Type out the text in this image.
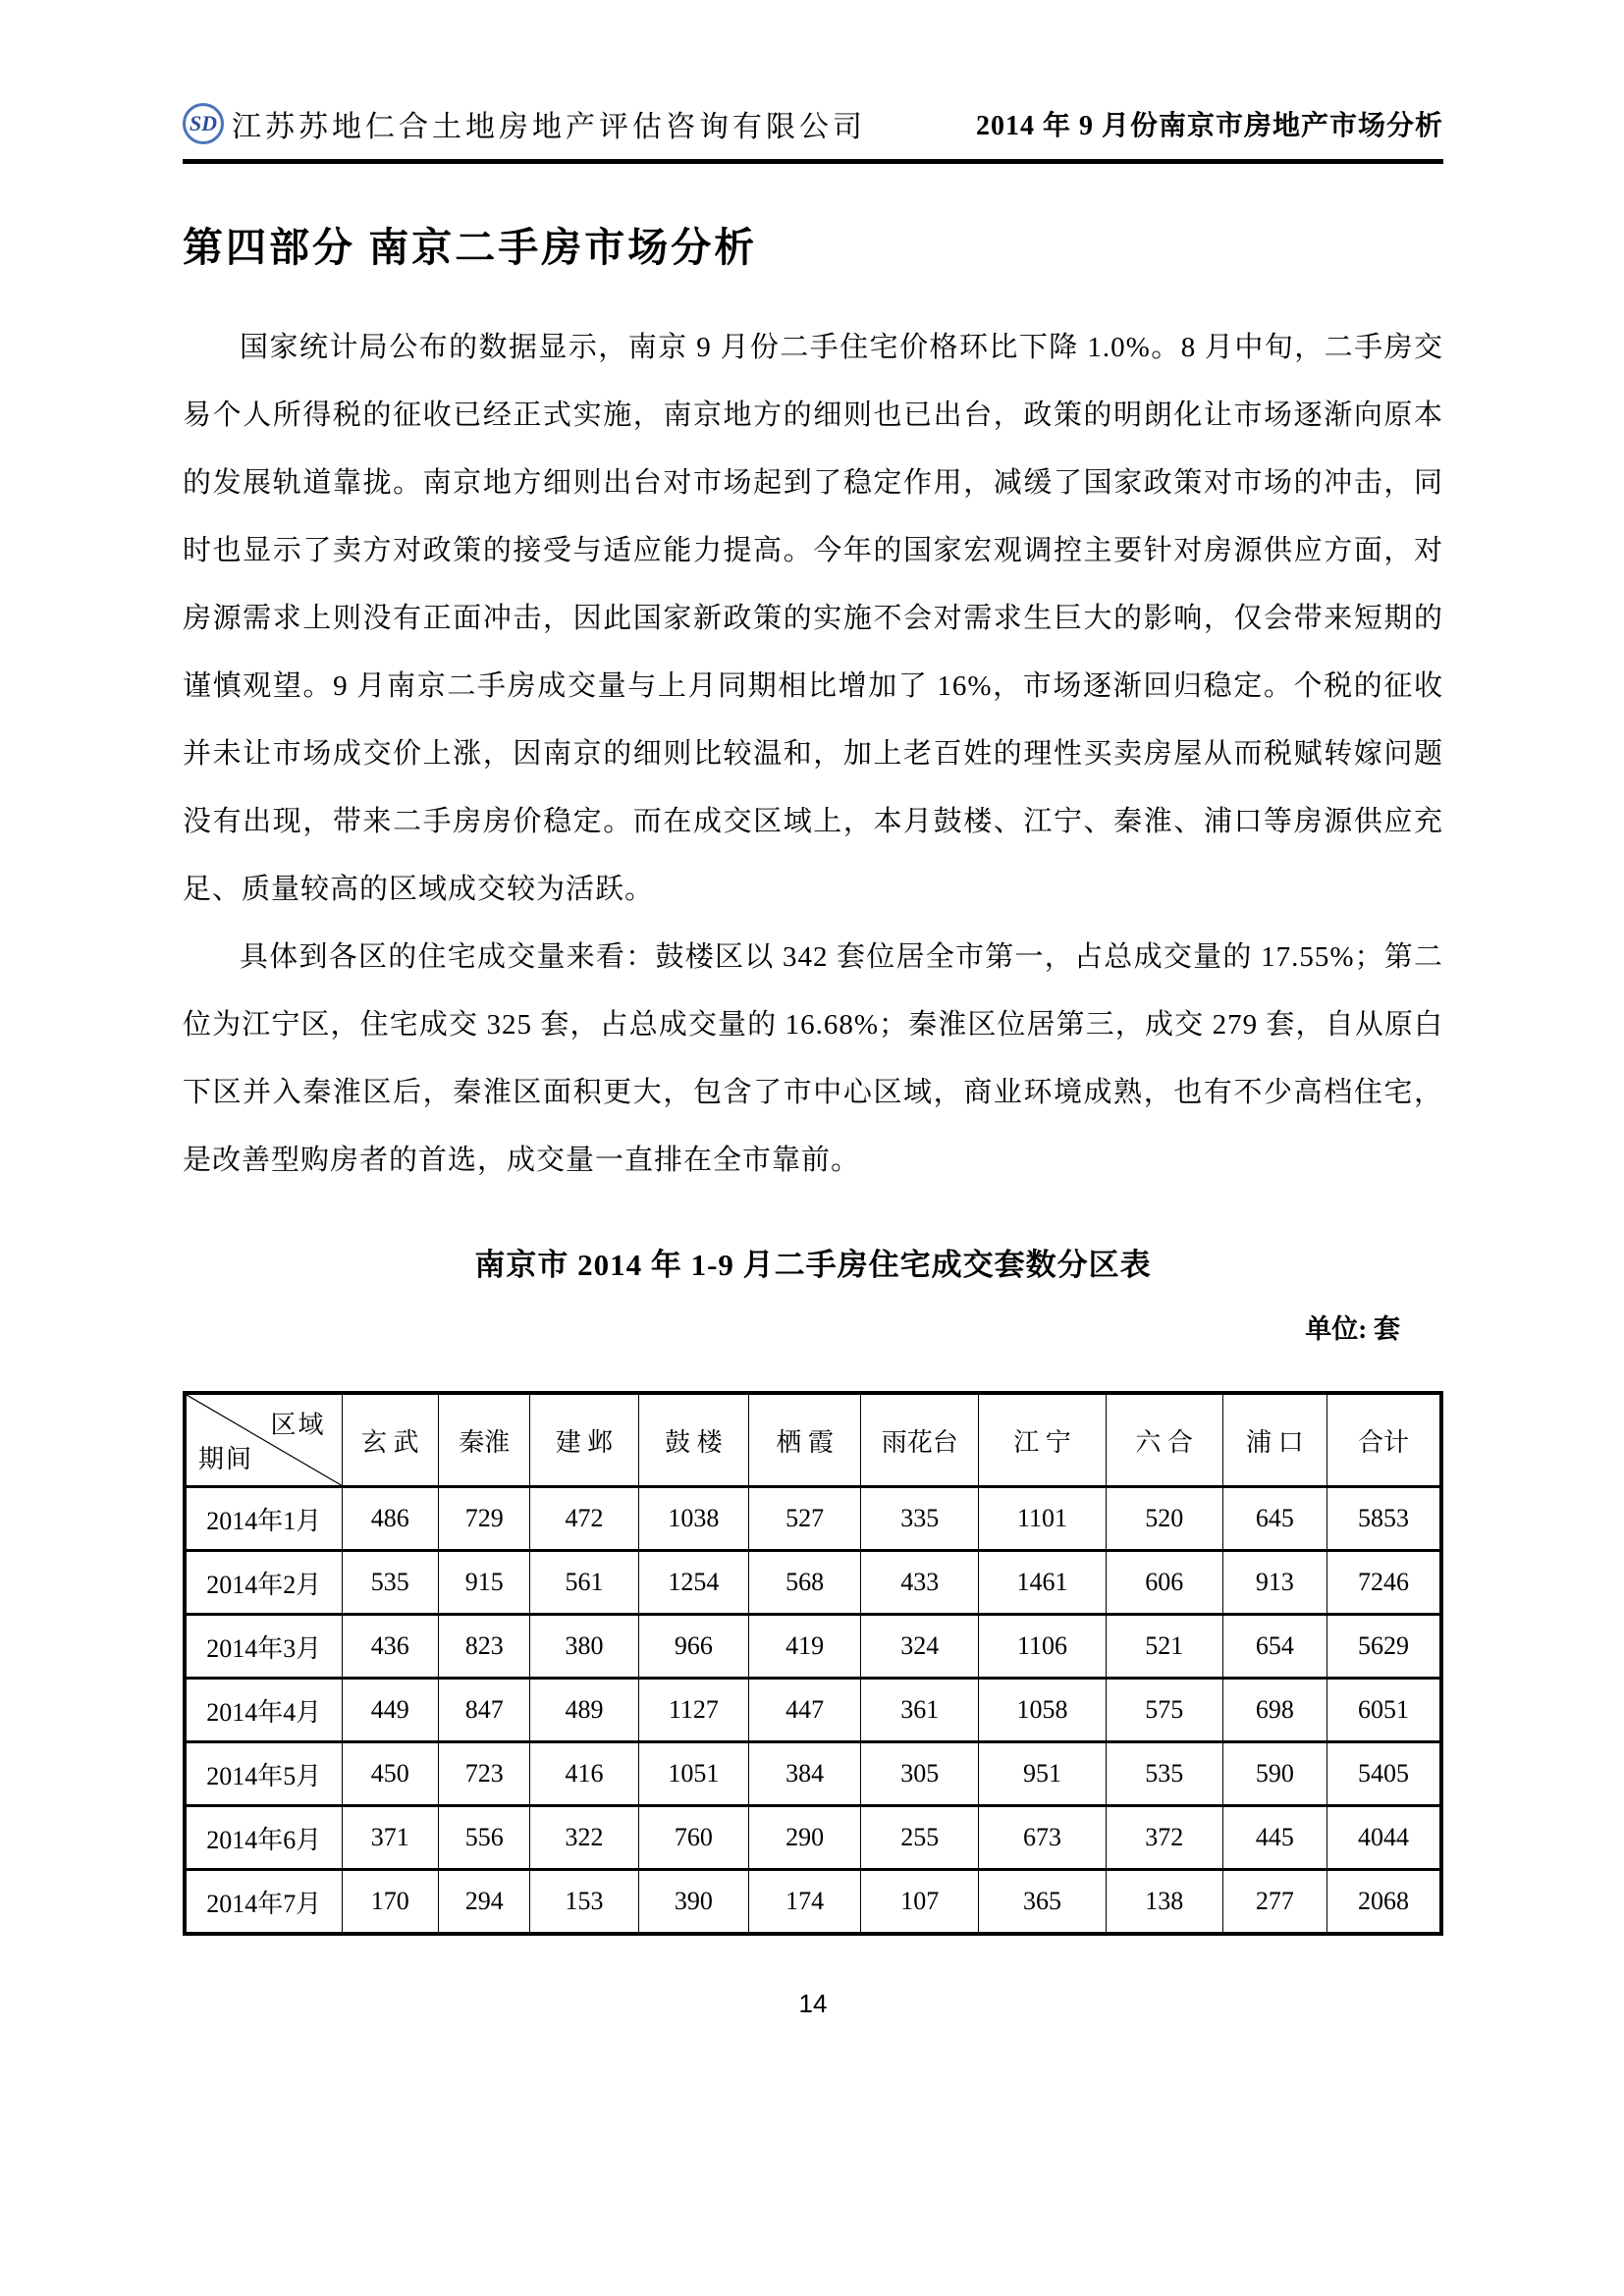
SD 江苏苏地仁合土地房地产评估咨询有限公司	2014 年 9 月份南京市房地产市场分析
第四部分 南京二手房市场分析

国家统计局公布的数据显示，南京 9 月份二手住宅价格环比下降 1.0%。8 月中旬，二手房交易个人所得税的征收已经正式实施，南京地方的细则也已出台，政策的明朗化让市场逐渐向原本的发展轨道靠拢。南京地方细则出台对市场起到了稳定作用，减缓了国家政策对市场的冲击，同时也显示了卖方对政策的接受与适应能力提高。今年的国家宏观调控主要针对房源供应方面，对房源需求上则没有正面冲击，因此国家新政策的实施不会对需求生巨大的影响，仅会带来短期的谨慎观望。9 月南京二手房成交量与上月同期相比增加了 16%，市场逐渐回归稳定。个税的征收并未让市场成交价上涨，因南京的细则比较温和，加上老百姓的理性买卖房屋从而税赋转嫁问题没有出现，带来二手房房价稳定。而在成交区域上，本月鼓楼、江宁、秦淮、浦口等房源供应充足、质量较高的区域成交较为活跃。

具体到各区的住宅成交量来看：鼓楼区以 342 套位居全市第一，占总成交量的 17.55%；第二位为江宁区，住宅成交 325 套，占总成交量的 16.68%；秦淮区位居第三，成交 279 套，自从原白下区并入秦淮区后，秦淮区面积更大，包含了市中心区域，商业环境成熟，也有不少高档住宅，是改善型购房者的首选，成交量一直排在全市靠前。

南京市 2014 年 1-9 月二手房住宅成交套数分区表
单位: 套
区域
期间	玄 武	秦淮	建 邺	鼓 楼	栖 霞	雨花台	江 宁	六 合	浦 口	合计
2014年1月	486	729	472	1038	527	335	1101	520	645	5853
2014年2月	535	915	561	1254	568	433	1461	606	913	7246
2014年3月	436	823	380	966	419	324	1106	521	654	5629
2014年4月	449	847	489	1127	447	361	1058	575	698	6051
2014年5月	450	723	416	1051	384	305	951	535	590	5405
2014年6月	371	556	322	760	290	255	673	372	445	4044
2014年7月	170	294	153	390	174	107	365	138	277	2068
14
